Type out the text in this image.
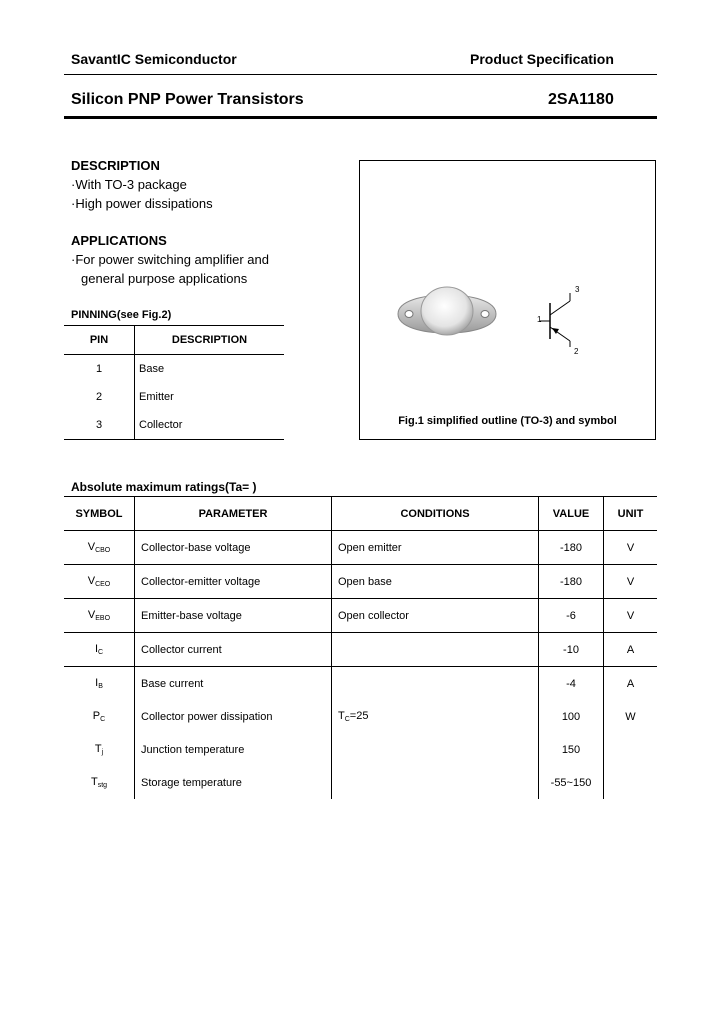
SavantIC Semiconductor	Product Specification
Silicon PNP Power Transistors	2SA1180
DESCRIPTION
·With TO-3 package
·High power dissipations
APPLICATIONS
·For power switching amplifier and
general purpose applications
PINNING(see Fig.2)
PIN	DESCRIPTION
1	Base
2	Emitter
3	Collector
3
1
2
Fig.1 simplified outline (TO-3) and symbol
Absolute maximum ratings(Ta= )
SYMBOL	PARAMETER	CONDITIONS	VALUE	UNIT
$V_{CBO}$	Collector-base voltage	Open emitter	-180	V
$V_{CEO}$	Collector-emitter voltage	Open base	-180	V
$V_{EBO}$	Emitter-base voltage	Open collector	-6	V
$I_C$	Collector current		-10	A
$I_B$	Base current		-4	A
$P_C$	Collector power dissipation	$T_C=25$	100	W
$T_j$	Junction temperature		150	
$T_{stg}$	Storage temperature		-55~150	
